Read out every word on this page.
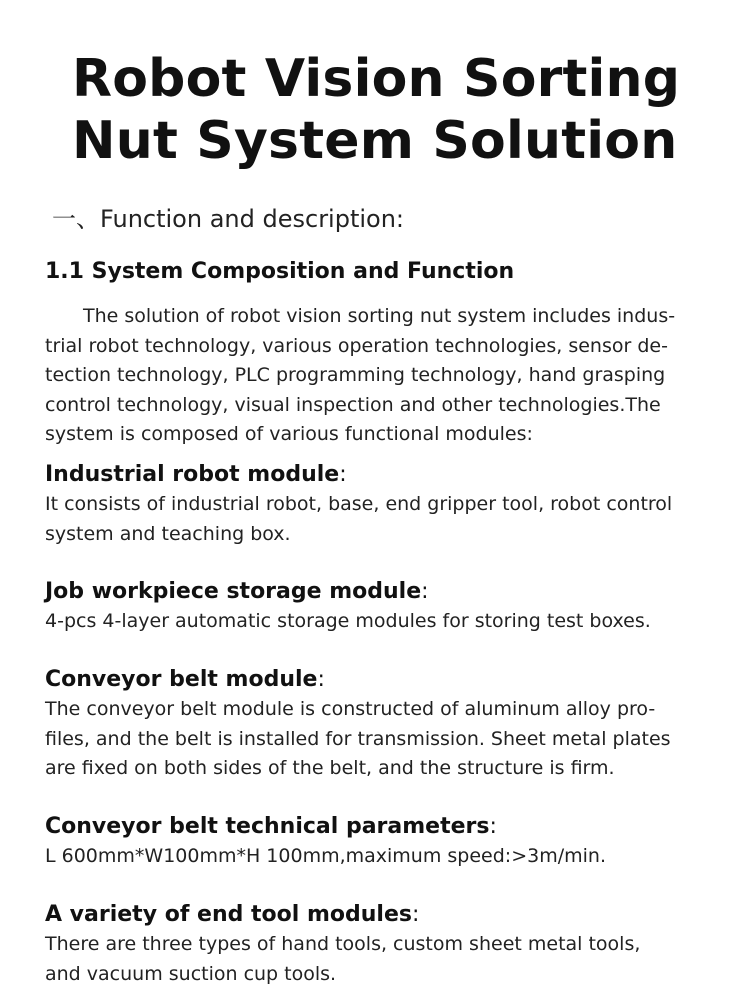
Robot Vision Sorting
Nut System Solution
一、Function and description:
1.1 System Composition and Function

The solution of robot vision sorting nut system includes indus-
trial robot technology, various operation technologies, sensor de-
tection technology, PLC programming technology, hand grasping
control technology, visual inspection and other technologies.The
system is composed of various functional modules:

Industrial robot module:

It consists of industrial robot, base, end gripper tool, robot control
system and teaching box.

Job workpiece storage module:

4-pcs 4-layer automatic storage modules for storing test boxes.

Conveyor belt module:

The conveyor belt module is constructed of aluminum alloy pro-
files, and the belt is installed for transmission. Sheet metal plates
are fixed on both sides of the belt, and the structure is firm.

Conveyor belt technical parameters:

L 600mm*W100mm*H 100mm,maximum speed:>3m/min.

A variety of end tool modules:

There are three types of hand tools, custom sheet metal tools,
and vacuum suction cup tools.
